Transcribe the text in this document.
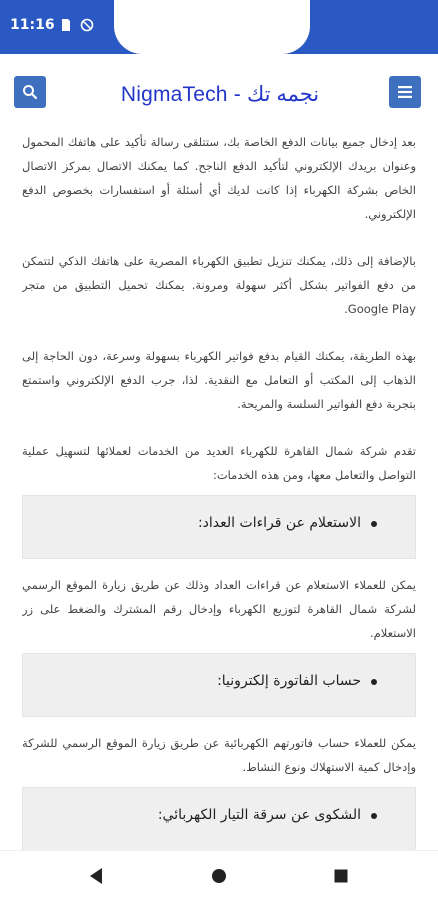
11:16
NigmaTech - نجمه تك

بعد إدخال جميع بيانات الدفع الخاصة بك، ستتلقى رسالة تأكيد على هاتفك المحمول وعنوان بريدك الإلكتروني لتأكيد الدفع الناجح. كما يمكنك الاتصال بمركز الاتصال الخاص بشركة الكهرباء إذا كانت لديك أي أسئلة أو استفسارات بخصوص الدفع الإلكتروني.

بالإضافة إلى ذلك، يمكنك تنزيل تطبيق الكهرباء المصرية على هاتفك الذكي لتتمكن من دفع الفواتير بشكل أكثر سهولة ومرونة. يمكنك تحميل التطبيق من متجر Google Play.

بهذه الطريقة، يمكنك القيام بدفع فواتير الكهرباء بسهولة وسرعة، دون الحاجة إلى الذهاب إلى المكتب أو التعامل مع النقدية. لذا، جرب الدفع الإلكتروني واستمتع بتجربة دفع الفواتير السلسة والمريحة.

تقدم شركة شمال القاهرة للكهرباء العديد من الخدمات لعملائها لتسهيل عملية التواصل والتعامل معها، ومن هذه الخدمات:

الاستعلام عن قراءات العداد:

يمكن للعملاء الاستعلام عن قراءات العداد وذلك عن طريق زيارة الموقع الرسمي لشركة شمال القاهرة لتوزيع الكهرباء وإدخال رقم المشترك والضغط على زر الاستعلام.

حساب الفاتورة إلكترونيا:

يمكن للعملاء حساب فاتورتهم الكهربائية عن طريق زيارة الموقع الرسمي للشركة وإدخال كمية الاستهلاك ونوع النشاط.

الشكوى عن سرقة التيار الكهربائي:
